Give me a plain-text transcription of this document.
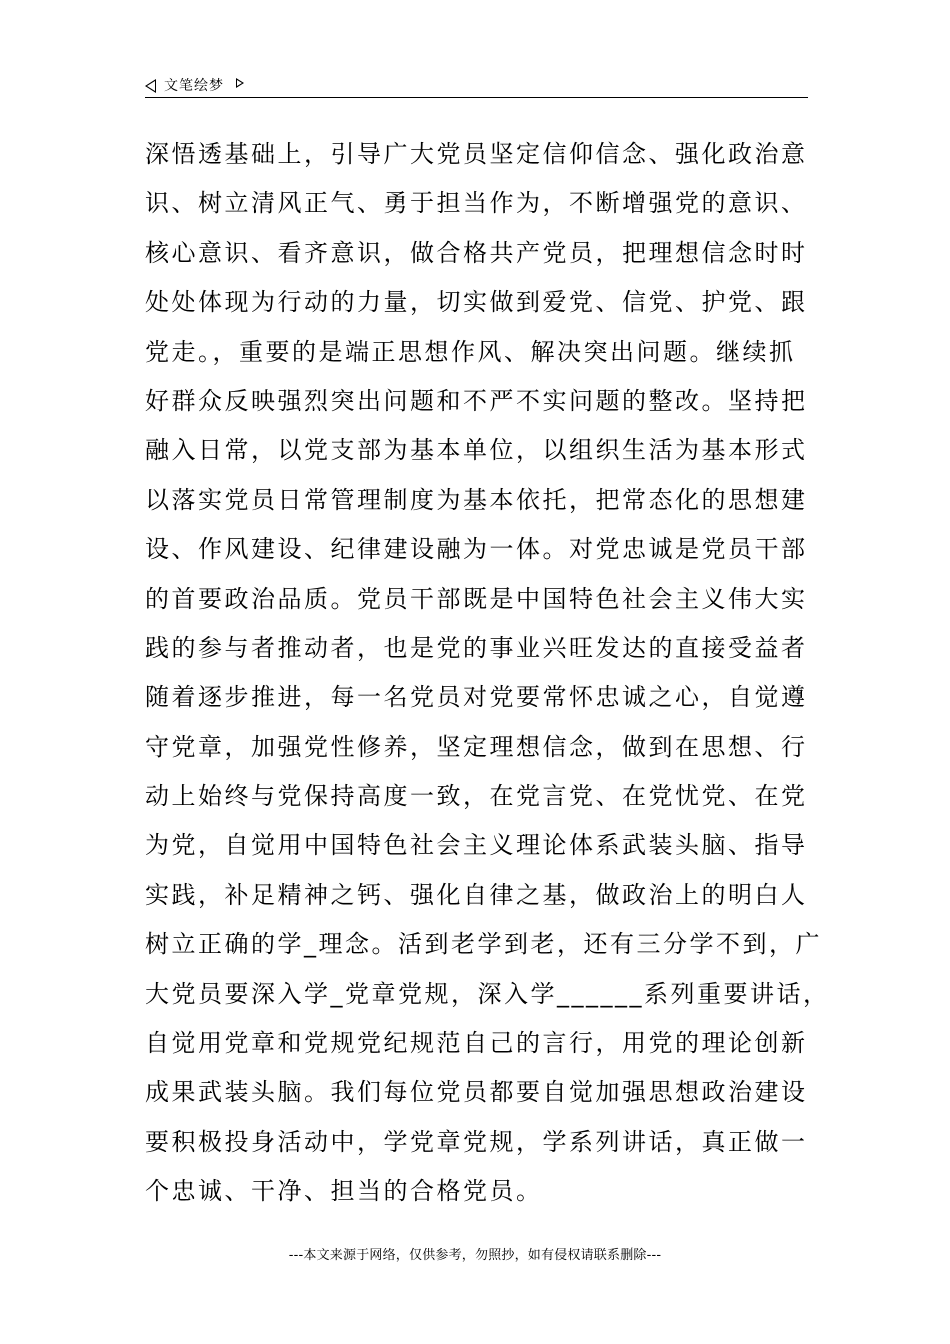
文笔绘梦
深悟透基础上，引导广大党员坚定信仰信念、强化政治意
识、树立清风正气、勇于担当作为，不断增强党的意识、
核心意识、看齐意识，做合格共产党员，把理想信念时时
处处体现为行动的力量，切实做到爱党、信党、护党、跟
党走。，重要的是端正思想作风、解决突出问题。继续抓
好群众反映强烈突出问题和不严不实问题的整改。坚持把
融入日常，以党支部为基本单位，以组织生活为基本形式
以落实党员日常管理制度为基本依托，把常态化的思想建
设、作风建设、纪律建设融为一体。对党忠诚是党员干部
的首要政治品质。党员干部既是中国特色社会主义伟大实
践的参与者推动者，也是党的事业兴旺发达的直接受益者
随着逐步推进，每一名党员对党要常怀忠诚之心，自觉遵
守党章，加强党性修养，坚定理想信念，做到在思想、行
动上始终与党保持高度一致，在党言党、在党忧党、在党
为党，自觉用中国特色社会主义理论体系武装头脑、指导
实践，补足精神之钙、强化自律之基，做政治上的明白人
树立正确的学_理念。活到老学到老，还有三分学不到，广
大党员要深入学_党章党规，深入学______系列重要讲话，
自觉用党章和党规党纪规范自己的言行，用党的理论创新
成果武装头脑。我们每位党员都要自觉加强思想政治建设
要积极投身活动中，学党章党规，学系列讲话，真正做一
个忠诚、干净、担当的合格党员。
---本文来源于网络，仅供参考，勿照抄，如有侵权请联系删除---
